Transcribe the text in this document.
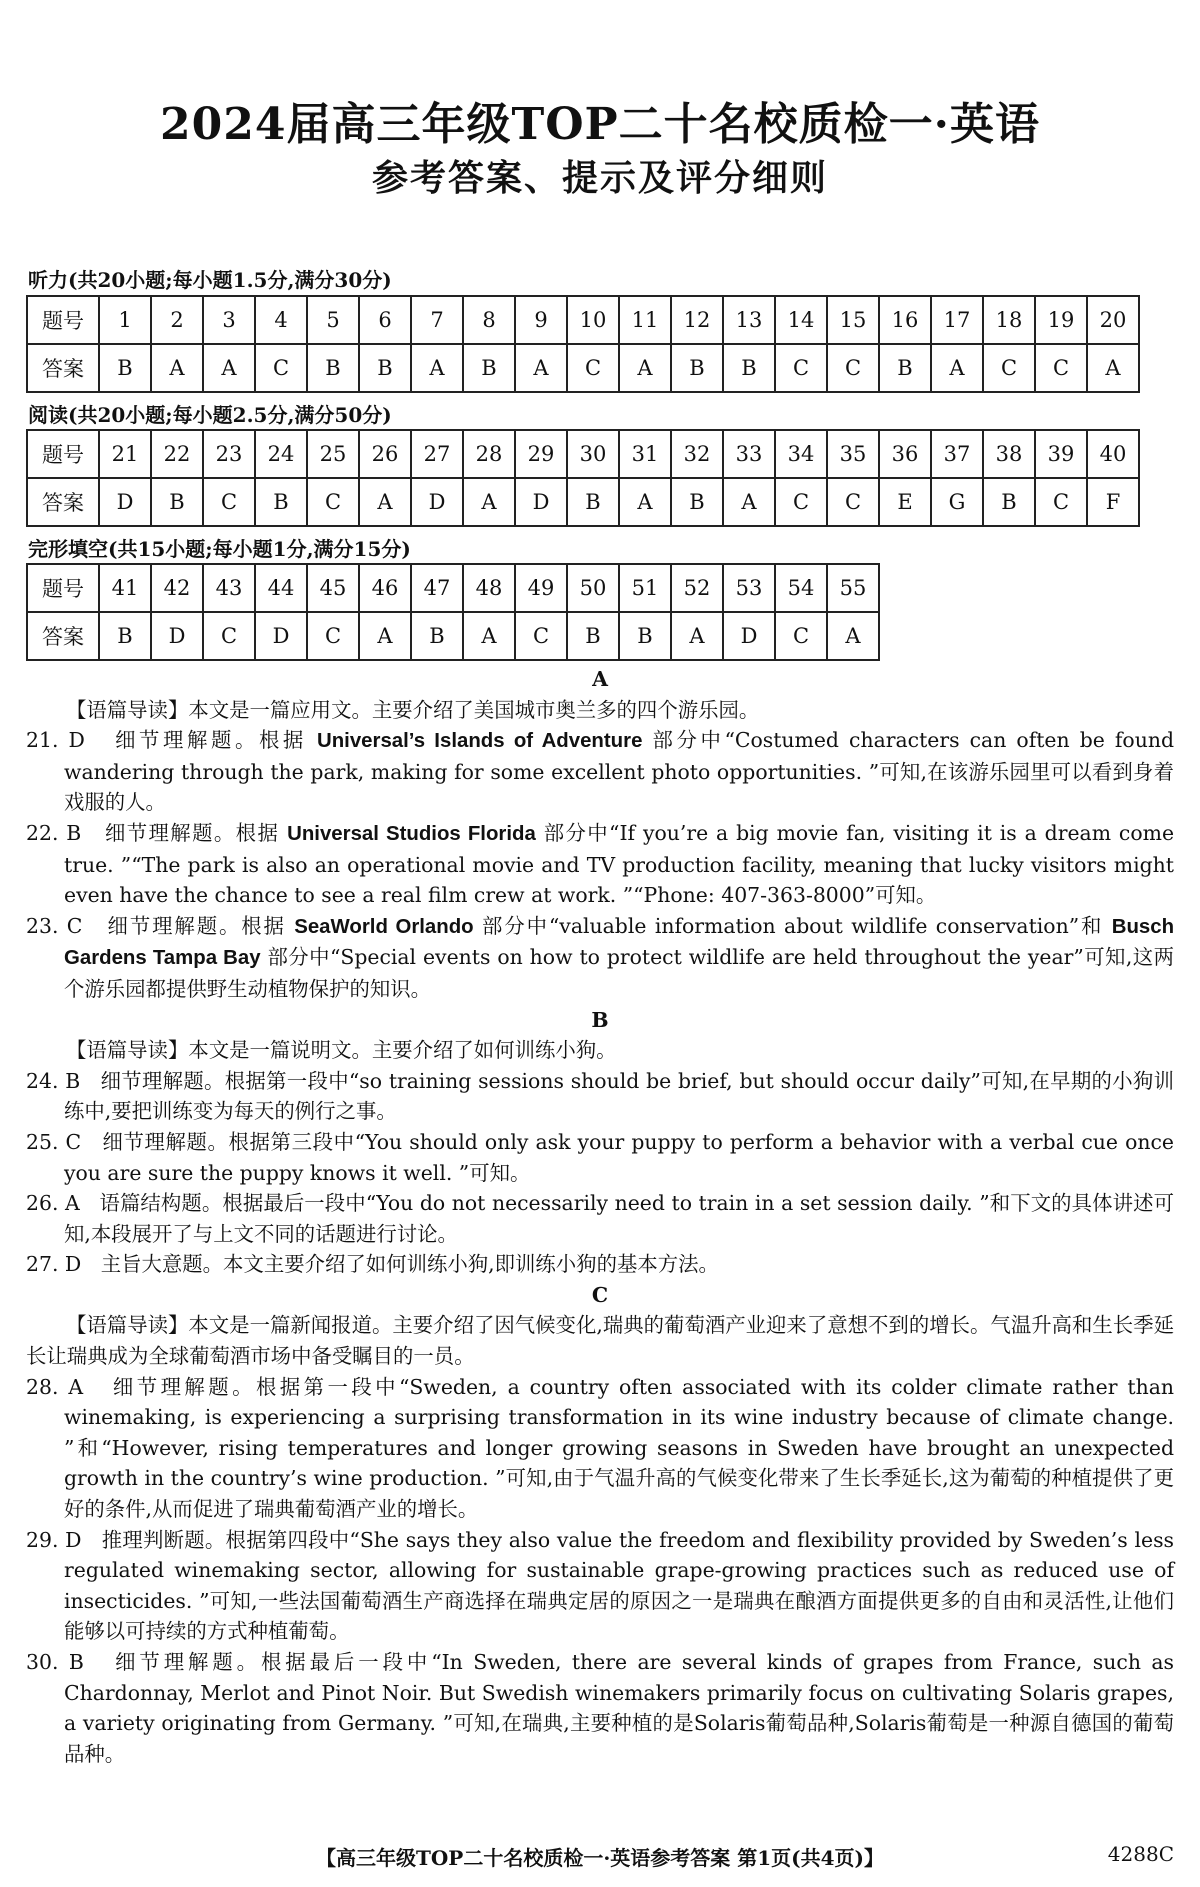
2024届高三年级TOP二十名校质检一·英语
参考答案、提示及评分细则
听力(共20小题;每小题1.5分,满分30分)
题号	1	2	3	4	5	6	7	8	9	10	11	12	13	14	15	16	17	18	19	20
答案	B	A	A	C	B	B	A	B	A	C	A	B	B	C	C	B	A	C	C	A
阅读(共20小题;每小题2.5分,满分50分)
题号	21	22	23	24	25	26	27	28	29	30	31	32	33	34	35	36	37	38	39	40
答案	D	B	C	B	C	A	D	A	D	B	A	B	A	C	C	E	G	B	C	F
完形填空(共15小题;每小题1分,满分15分)
题号	41	42	43	44	45	46	47	48	49	50	51	52	53	54	55
答案	B	D	C	D	C	A	B	A	C	B	B	A	D	C	A

A

【语篇导读】本文是一篇应用文。主要介绍了美国城市奥兰多的四个游乐园。

21. D 细节理解题。根据 Universal’s Islands of Adventure 部分中“Costumed characters can often be found wandering through the park, making for some excellent photo opportunities. ”可知,在该游乐园里可以看到身着戏服的人。

22. B 细节理解题。根据 Universal Studios Florida 部分中“If you’re a big movie fan, visiting it is a dream come true. ”“The park is also an operational movie and TV production facility, meaning that lucky visitors might even have the chance to see a real film crew at work. ”“Phone: 407-363-8000”可知。

23. C 细节理解题。根据 SeaWorld Orlando 部分中“valuable information about wildlife conservation”和 Busch Gardens Tampa Bay 部分中“Special events on how to protect wildlife are held throughout the year”可知,这两个游乐园都提供野生动植物保护的知识。

B

【语篇导读】本文是一篇说明文。主要介绍了如何训练小狗。

24. B 细节理解题。根据第一段中“so training sessions should be brief, but should occur daily”可知,在早期的小狗训练中,要把训练变为每天的例行之事。

25. C 细节理解题。根据第三段中“You should only ask your puppy to perform a behavior with a verbal cue once you are sure the puppy knows it well. ”可知。

26. A 语篇结构题。根据最后一段中“You do not necessarily need to train in a set session daily. ”和下文的具体讲述可知,本段展开了与上文不同的话题进行讨论。

27. D 主旨大意题。本文主要介绍了如何训练小狗,即训练小狗的基本方法。

C

【语篇导读】本文是一篇新闻报道。主要介绍了因气候变化,瑞典的葡萄酒产业迎来了意想不到的增长。气温升高和生长季延长让瑞典成为全球葡萄酒市场中备受瞩目的一员。

28. A 细节理解题。根据第一段中“Sweden, a country often associated with its colder climate rather than winemaking, is experiencing a surprising transformation in its wine industry because of climate change. ”和“However, rising temperatures and longer growing seasons in Sweden have brought an unexpected growth in the country’s wine production. ”可知,由于气温升高的气候变化带来了生长季延长,这为葡萄的种植提供了更好的条件,从而促进了瑞典葡萄酒产业的增长。

29. D 推理判断题。根据第四段中“She says they also value the freedom and flexibility provided by Sweden’s less regulated winemaking sector, allowing for sustainable grape-growing practices such as reduced use of insecticides. ”可知,一些法国葡萄酒生产商选择在瑞典定居的原因之一是瑞典在酿酒方面提供更多的自由和灵活性,让他们能够以可持续的方式种植葡萄。

30. B 细节理解题。根据最后一段中“In Sweden, there are several kinds of grapes from France, such as Chardonnay, Merlot and Pinot Noir. But Swedish winemakers primarily focus on cultivating Solaris grapes, a variety originating from Germany. ”可知,在瑞典,主要种植的是Solaris葡萄品种,Solaris葡萄是一种源自德国的葡萄品种。

【高三年级TOP二十名校质检一·英语参考答案 第1页(共4页)】	4288C
